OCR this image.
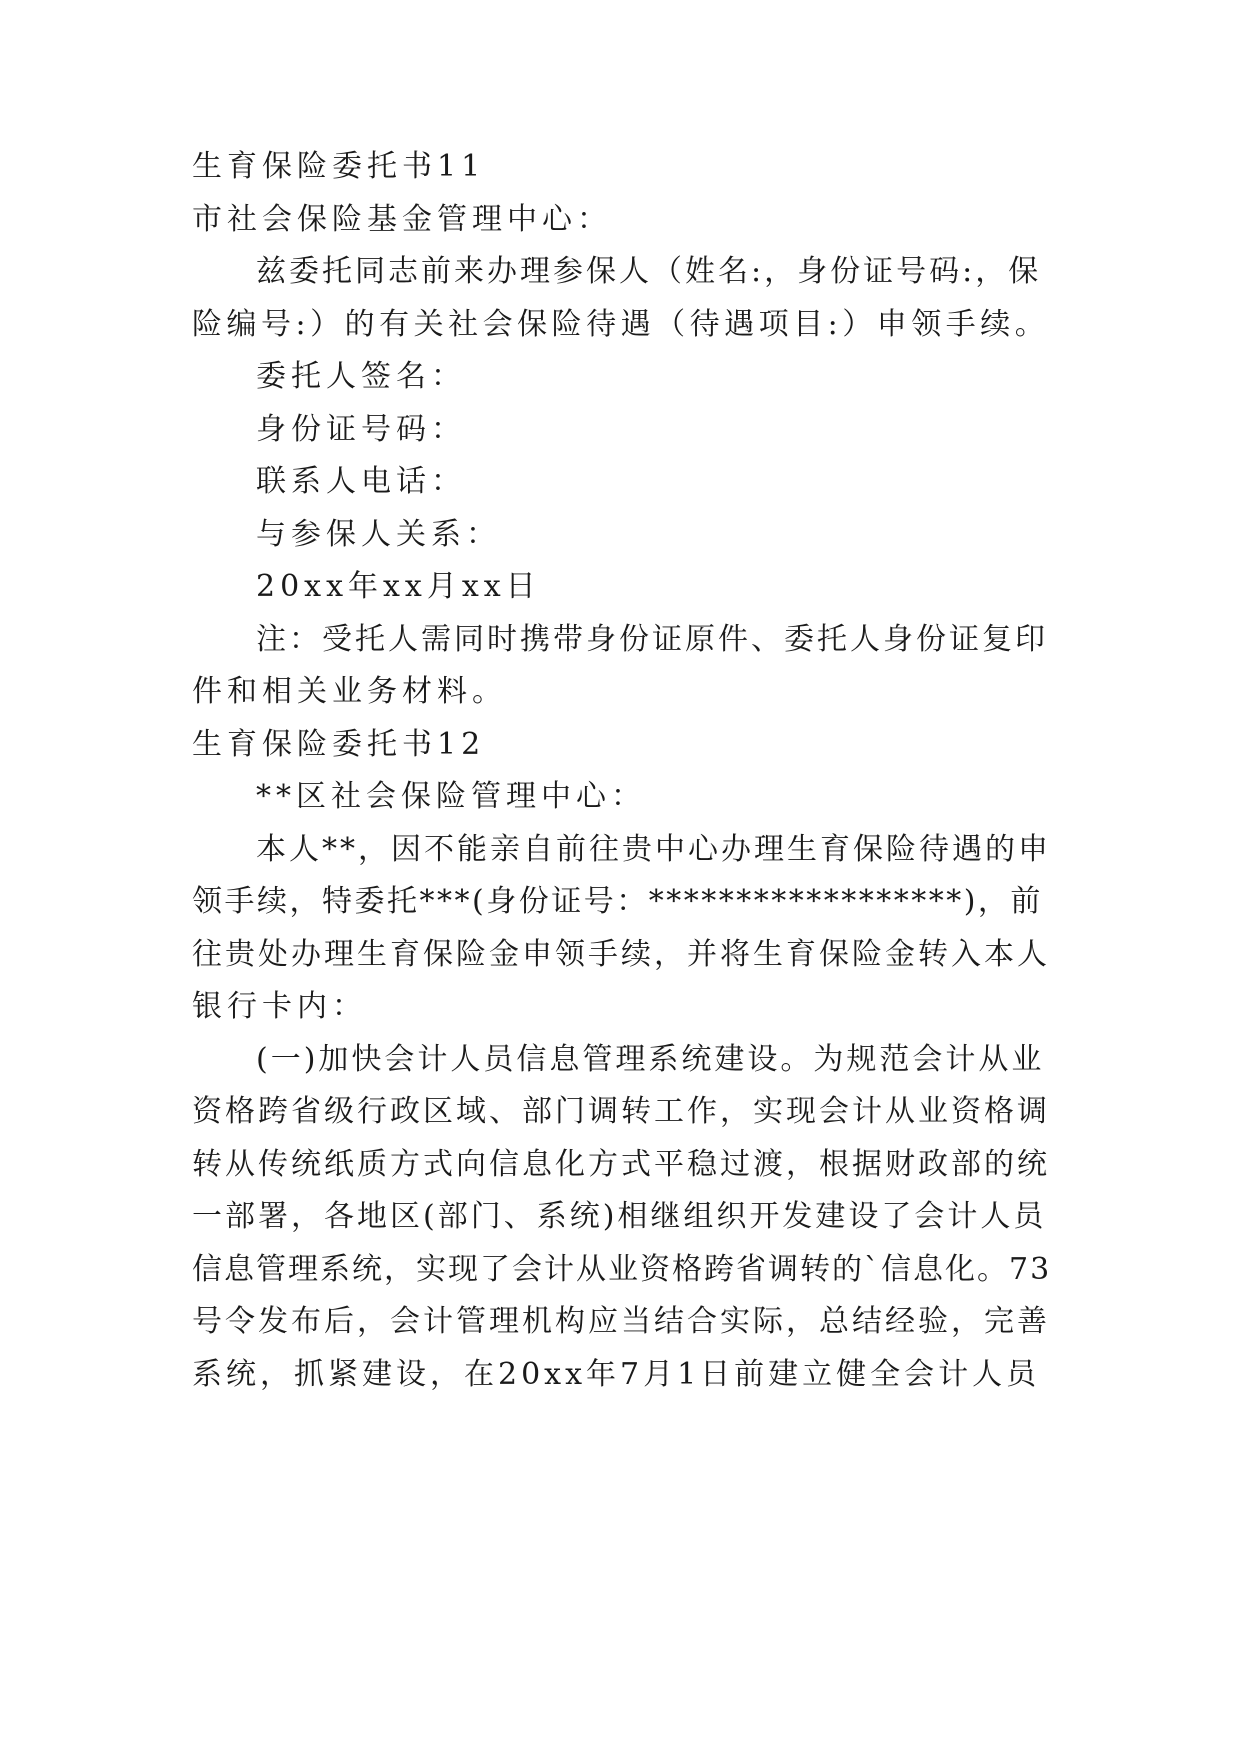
生育保险委托书11
市社会保险基金管理中心：
兹委托同志前来办理参保人（姓名:，身份证号码:，保
险编号:）的有关社会保险待遇（待遇项目:）申领手续。
委托人签名：
身份证号码：
联系人电话：
与参保人关系：
20xx年xx月xx日
注：受托人需同时携带身份证原件、委托人身份证复印
件和相关业务材料。
生育保险委托书12
**区社会保险管理中心：
本人**，因不能亲自前往贵中心办理生育保险待遇的申
领手续，特委托***(身份证号：******************)，前
往贵处办理生育保险金申领手续，并将生育保险金转入本人
银行卡内：
(一)加快会计人员信息管理系统建设。为规范会计从业
资格跨省级行政区域、部门调转工作，实现会计从业资格调
转从传统纸质方式向信息化方式平稳过渡，根据财政部的统
一部署，各地区(部门、系统)相继组织开发建设了会计人员
信息管理系统，实现了会计从业资格跨省调转的`信息化。73
号令发布后，会计管理机构应当结合实际，总结经验，完善
系统，抓紧建设，在20xx年7月1日前建立健全会计人员
